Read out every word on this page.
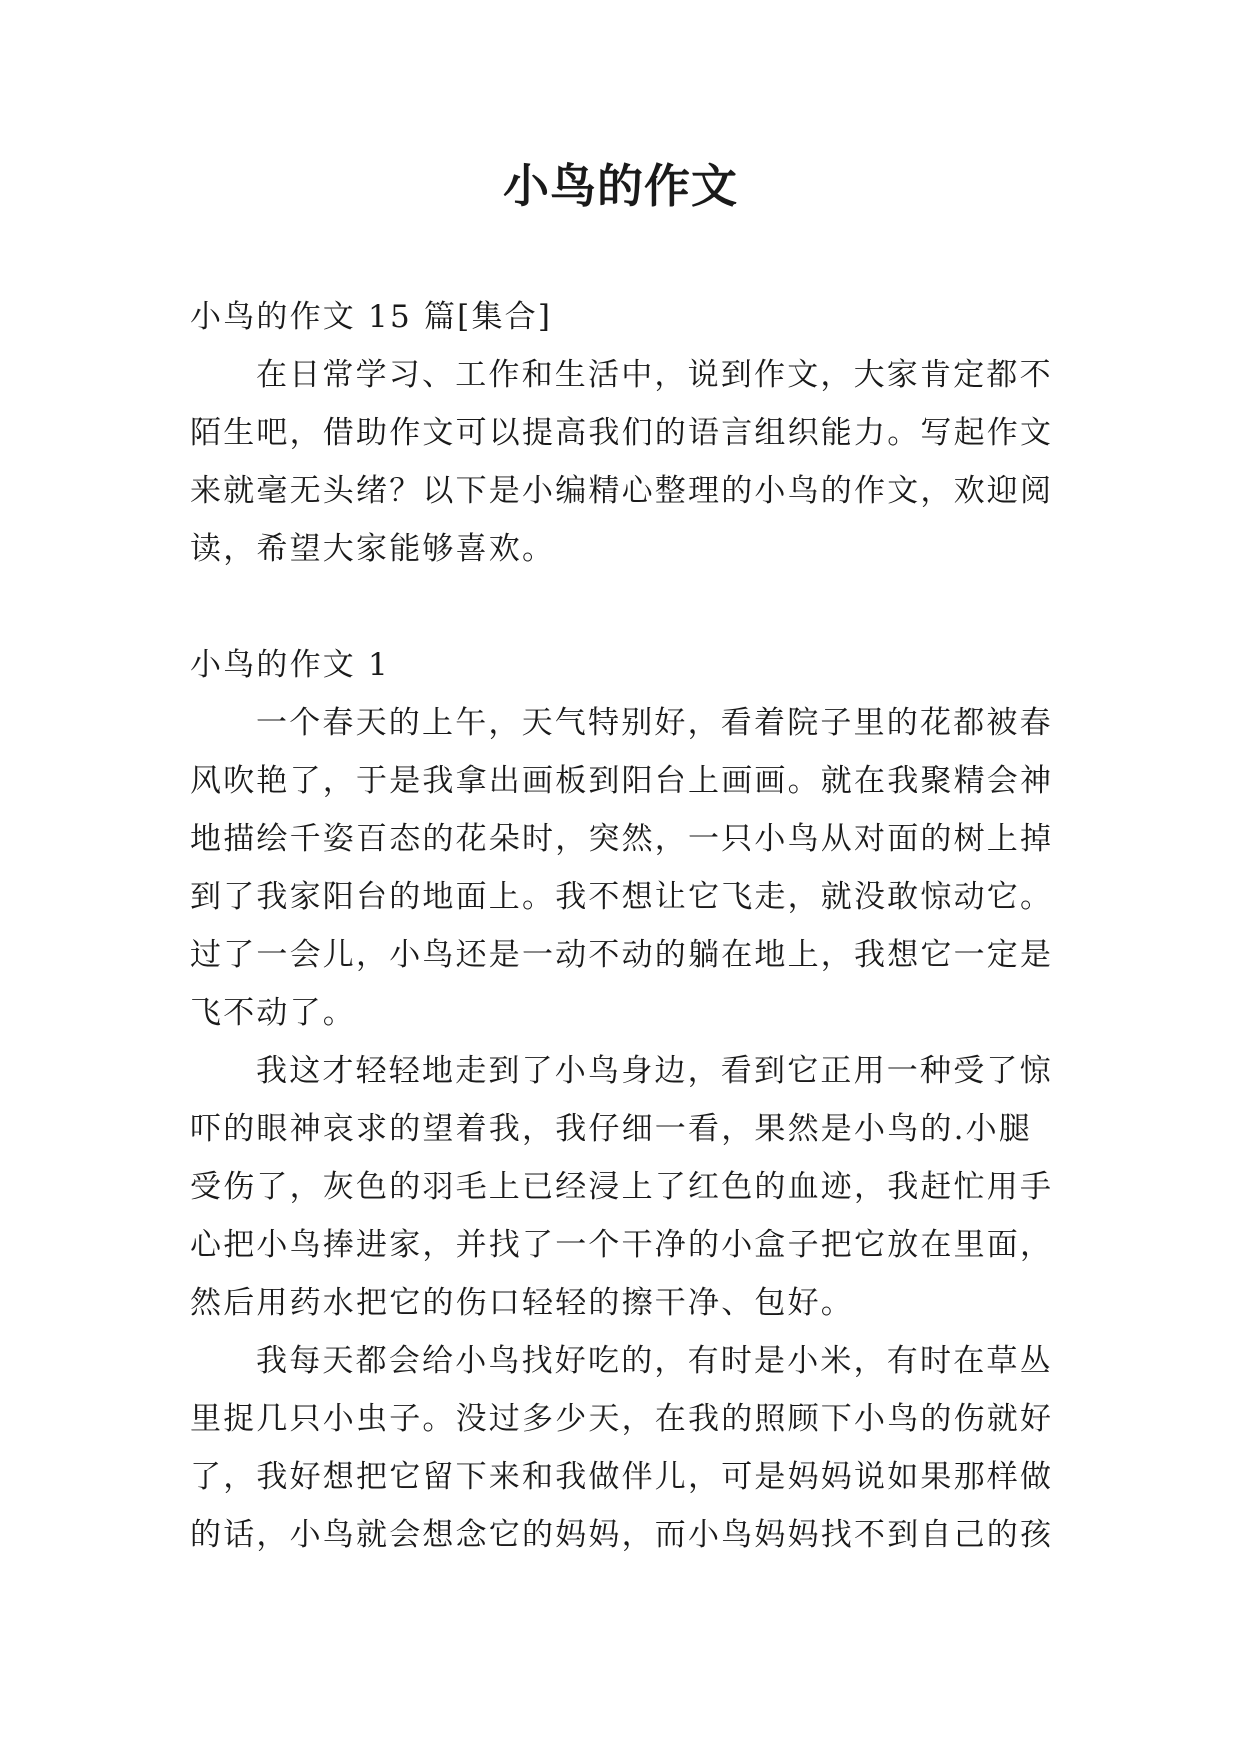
小鸟的作文
小鸟的作文 15 篇[集合]
在日常学习、工作和生活中，说到作文，大家肯定都不
陌生吧，借助作文可以提高我们的语言组织能力。写起作文
来就毫无头绪？以下是小编精心整理的小鸟的作文，欢迎阅
读，希望大家能够喜欢。
小鸟的作文 1
一个春天的上午，天气特别好，看着院子里的花都被春
风吹艳了，于是我拿出画板到阳台上画画。就在我聚精会神
地描绘千姿百态的花朵时，突然，一只小鸟从对面的树上掉
到了我家阳台的地面上。我不想让它飞走，就没敢惊动它。
过了一会儿，小鸟还是一动不动的躺在地上，我想它一定是
飞不动了。
我这才轻轻地走到了小鸟身边，看到它正用一种受了惊
吓的眼神哀求的望着我，我仔细一看，果然是小鸟的.小腿
受伤了，灰色的羽毛上已经浸上了红色的血迹，我赶忙用手
心把小鸟捧进家，并找了一个干净的小盒子把它放在里面，
然后用药水把它的伤口轻轻的擦干净、包好。
我每天都会给小鸟找好吃的，有时是小米，有时在草丛
里捉几只小虫子。没过多少天，在我的照顾下小鸟的伤就好
了，我好想把它留下来和我做伴儿，可是妈妈说如果那样做
的话，小鸟就会想念它的妈妈，而小鸟妈妈找不到自己的孩
